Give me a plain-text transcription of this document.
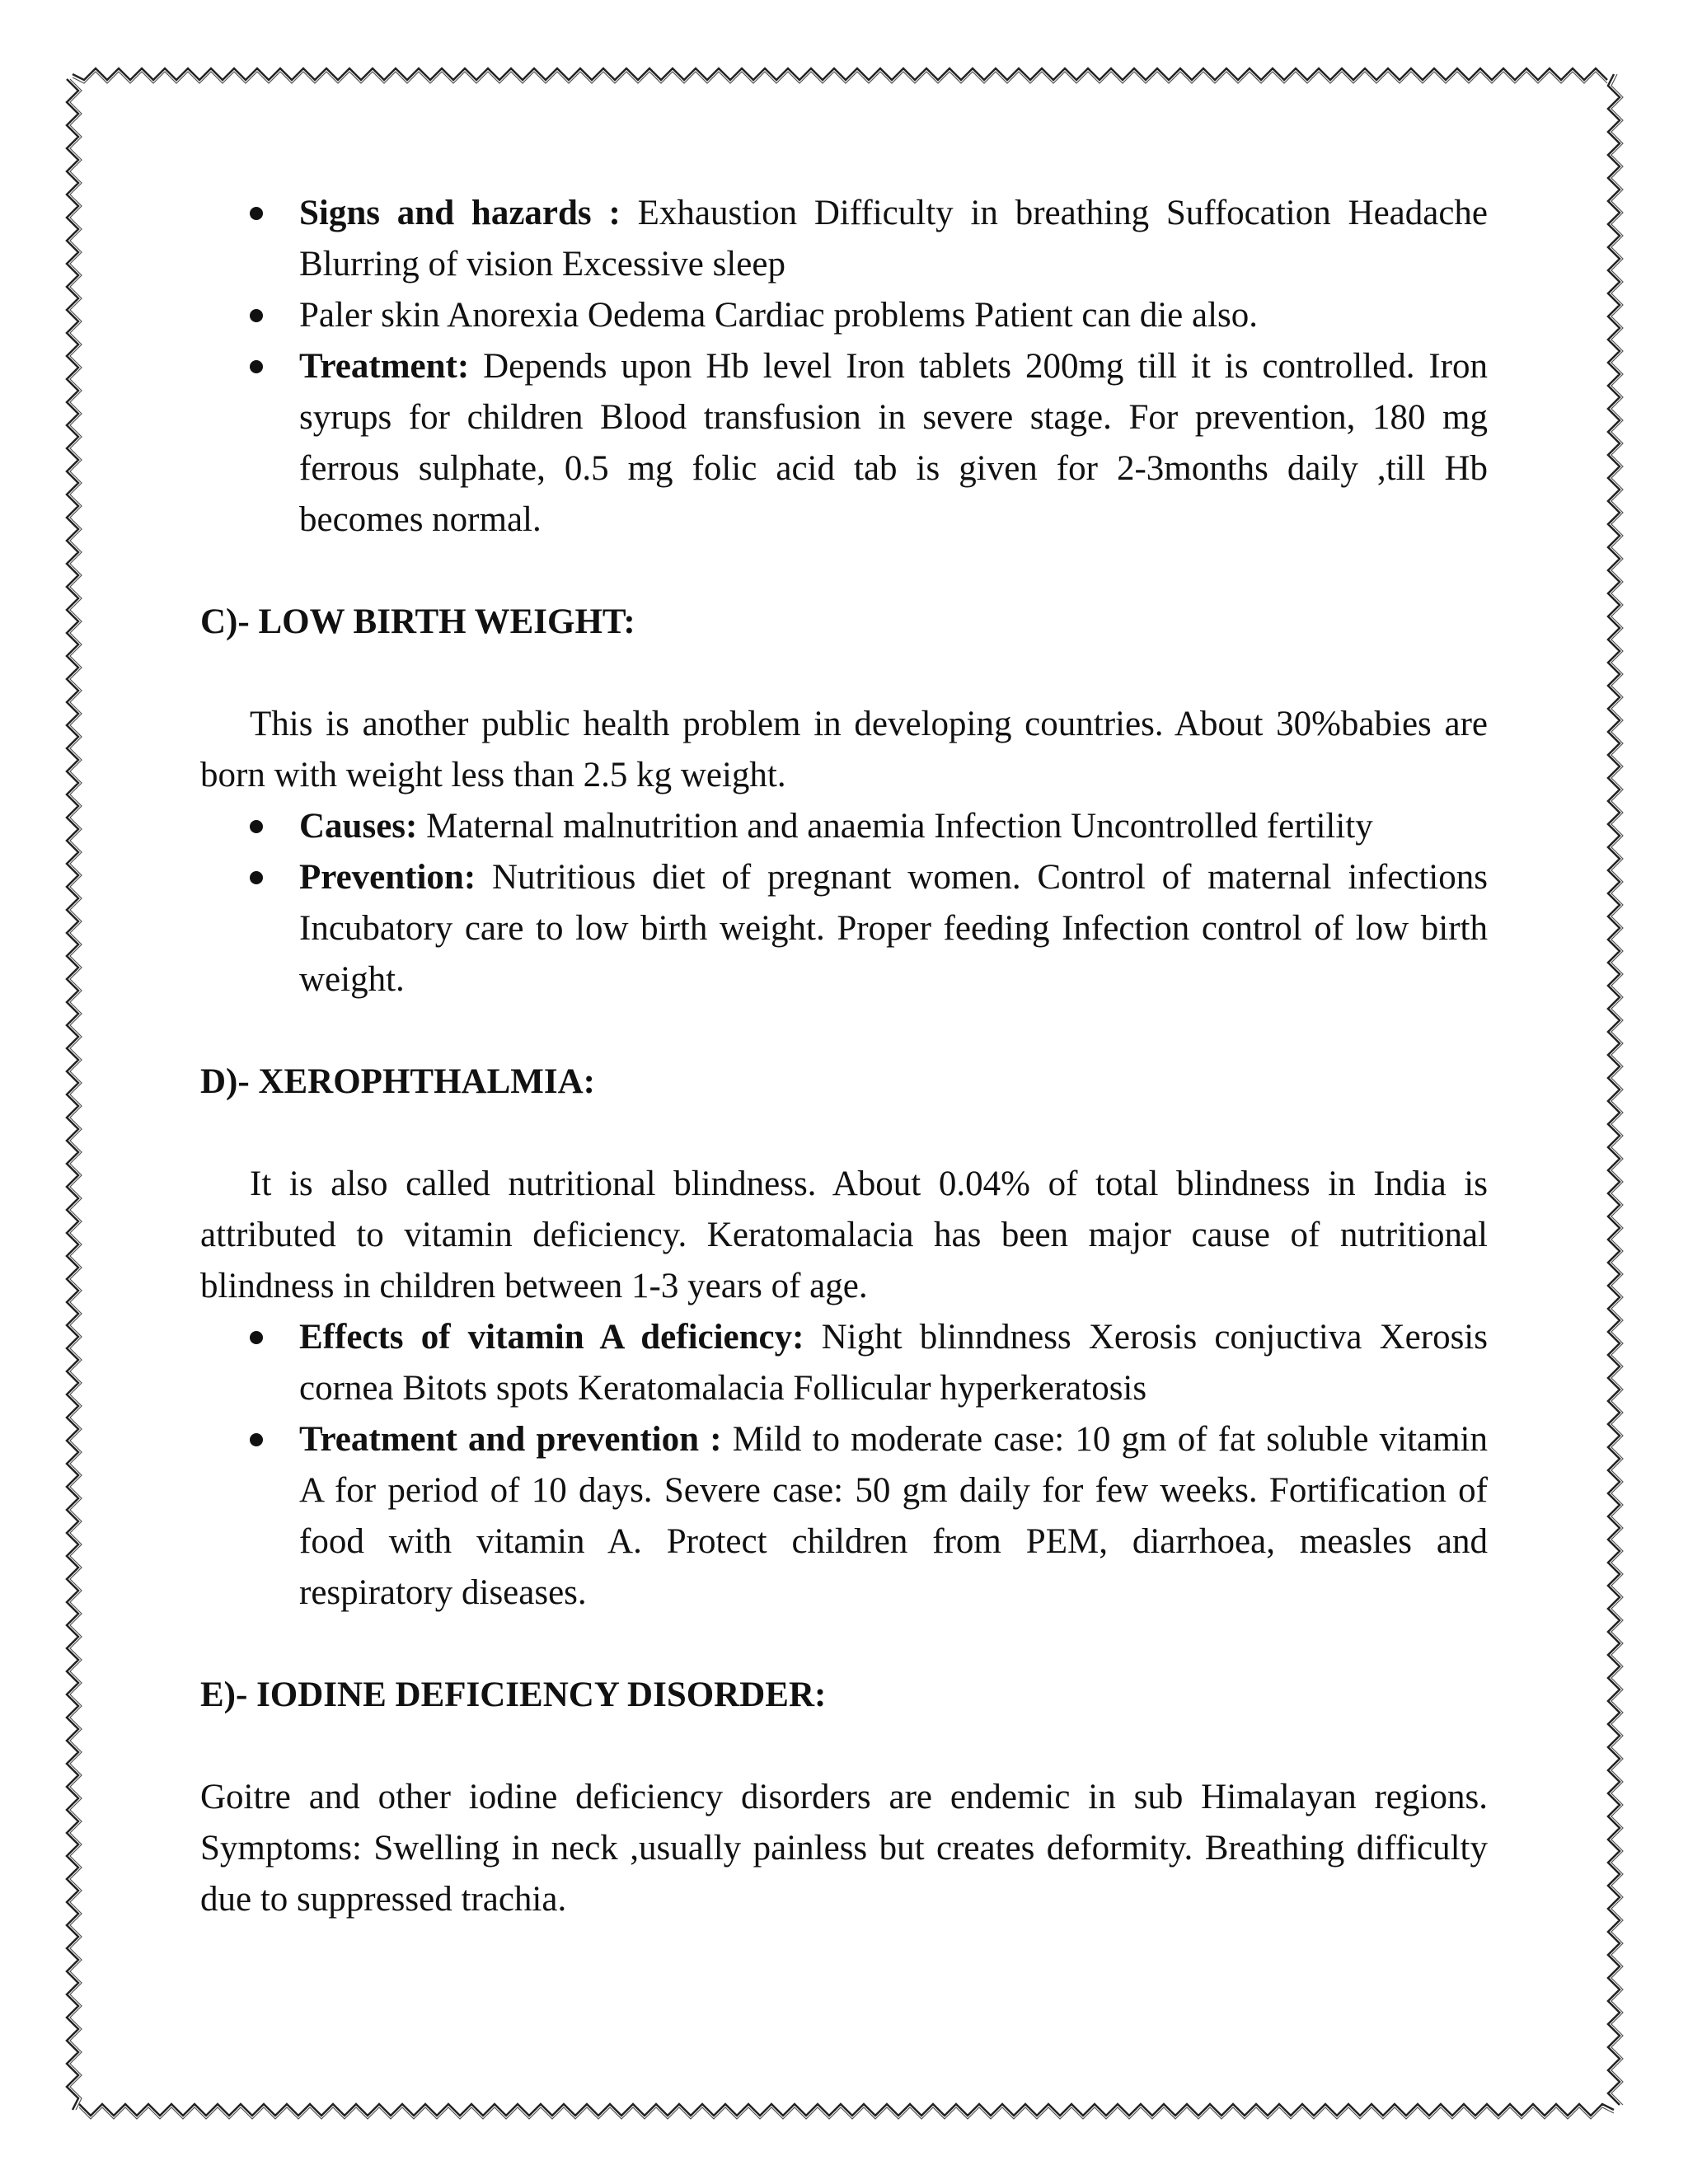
Signs and hazards : Exhaustion Difficulty in breathing Suffocation Headache Blurring of vision Excessive sleep
Paler skin Anorexia Oedema Cardiac problems Patient can die also.
Treatment: Depends upon Hb level Iron tablets 200mg till it is controlled. Iron syrups for children Blood transfusion in severe stage. For prevention, 180 mg ferrous sulphate, 0.5 mg folic acid tab is given for 2-3months daily ,till Hb becomes normal.

C)- LOW BIRTH WEIGHT:

This is another public health problem in developing countries. About 30%babies are born with weight less than 2.5 kg weight.

Causes: Maternal malnutrition and anaemia Infection Uncontrolled fertility
Prevention: Nutritious diet of pregnant women. Control of maternal infections Incubatory care to low birth weight. Proper feeding Infection control of low birth weight.

D)- XEROPHTHALMIA:

It is also called nutritional blindness. About 0.04% of total blindness in India is attributed to vitamin deficiency. Keratomalacia has been major cause of nutritional blindness in children between 1-3 years of age.

Effects of vitamin A deficiency: Night blinndness Xerosis conjuctiva Xerosis cornea Bitots spots Keratomalacia Follicular hyperkeratosis
Treatment and prevention : Mild to moderate case: 10 gm of fat soluble vitamin A for period of 10 days. Severe case: 50 gm daily for few weeks. Fortification of food with vitamin A. Protect children from PEM, diarrhoea, measles and respiratory diseases.

E)- IODINE DEFICIENCY DISORDER:

Goitre and other iodine deficiency disorders are endemic in sub Himalayan regions. Symptoms: Swelling in neck ,usually painless but creates deformity. Breathing difficulty due to suppressed trachia.
